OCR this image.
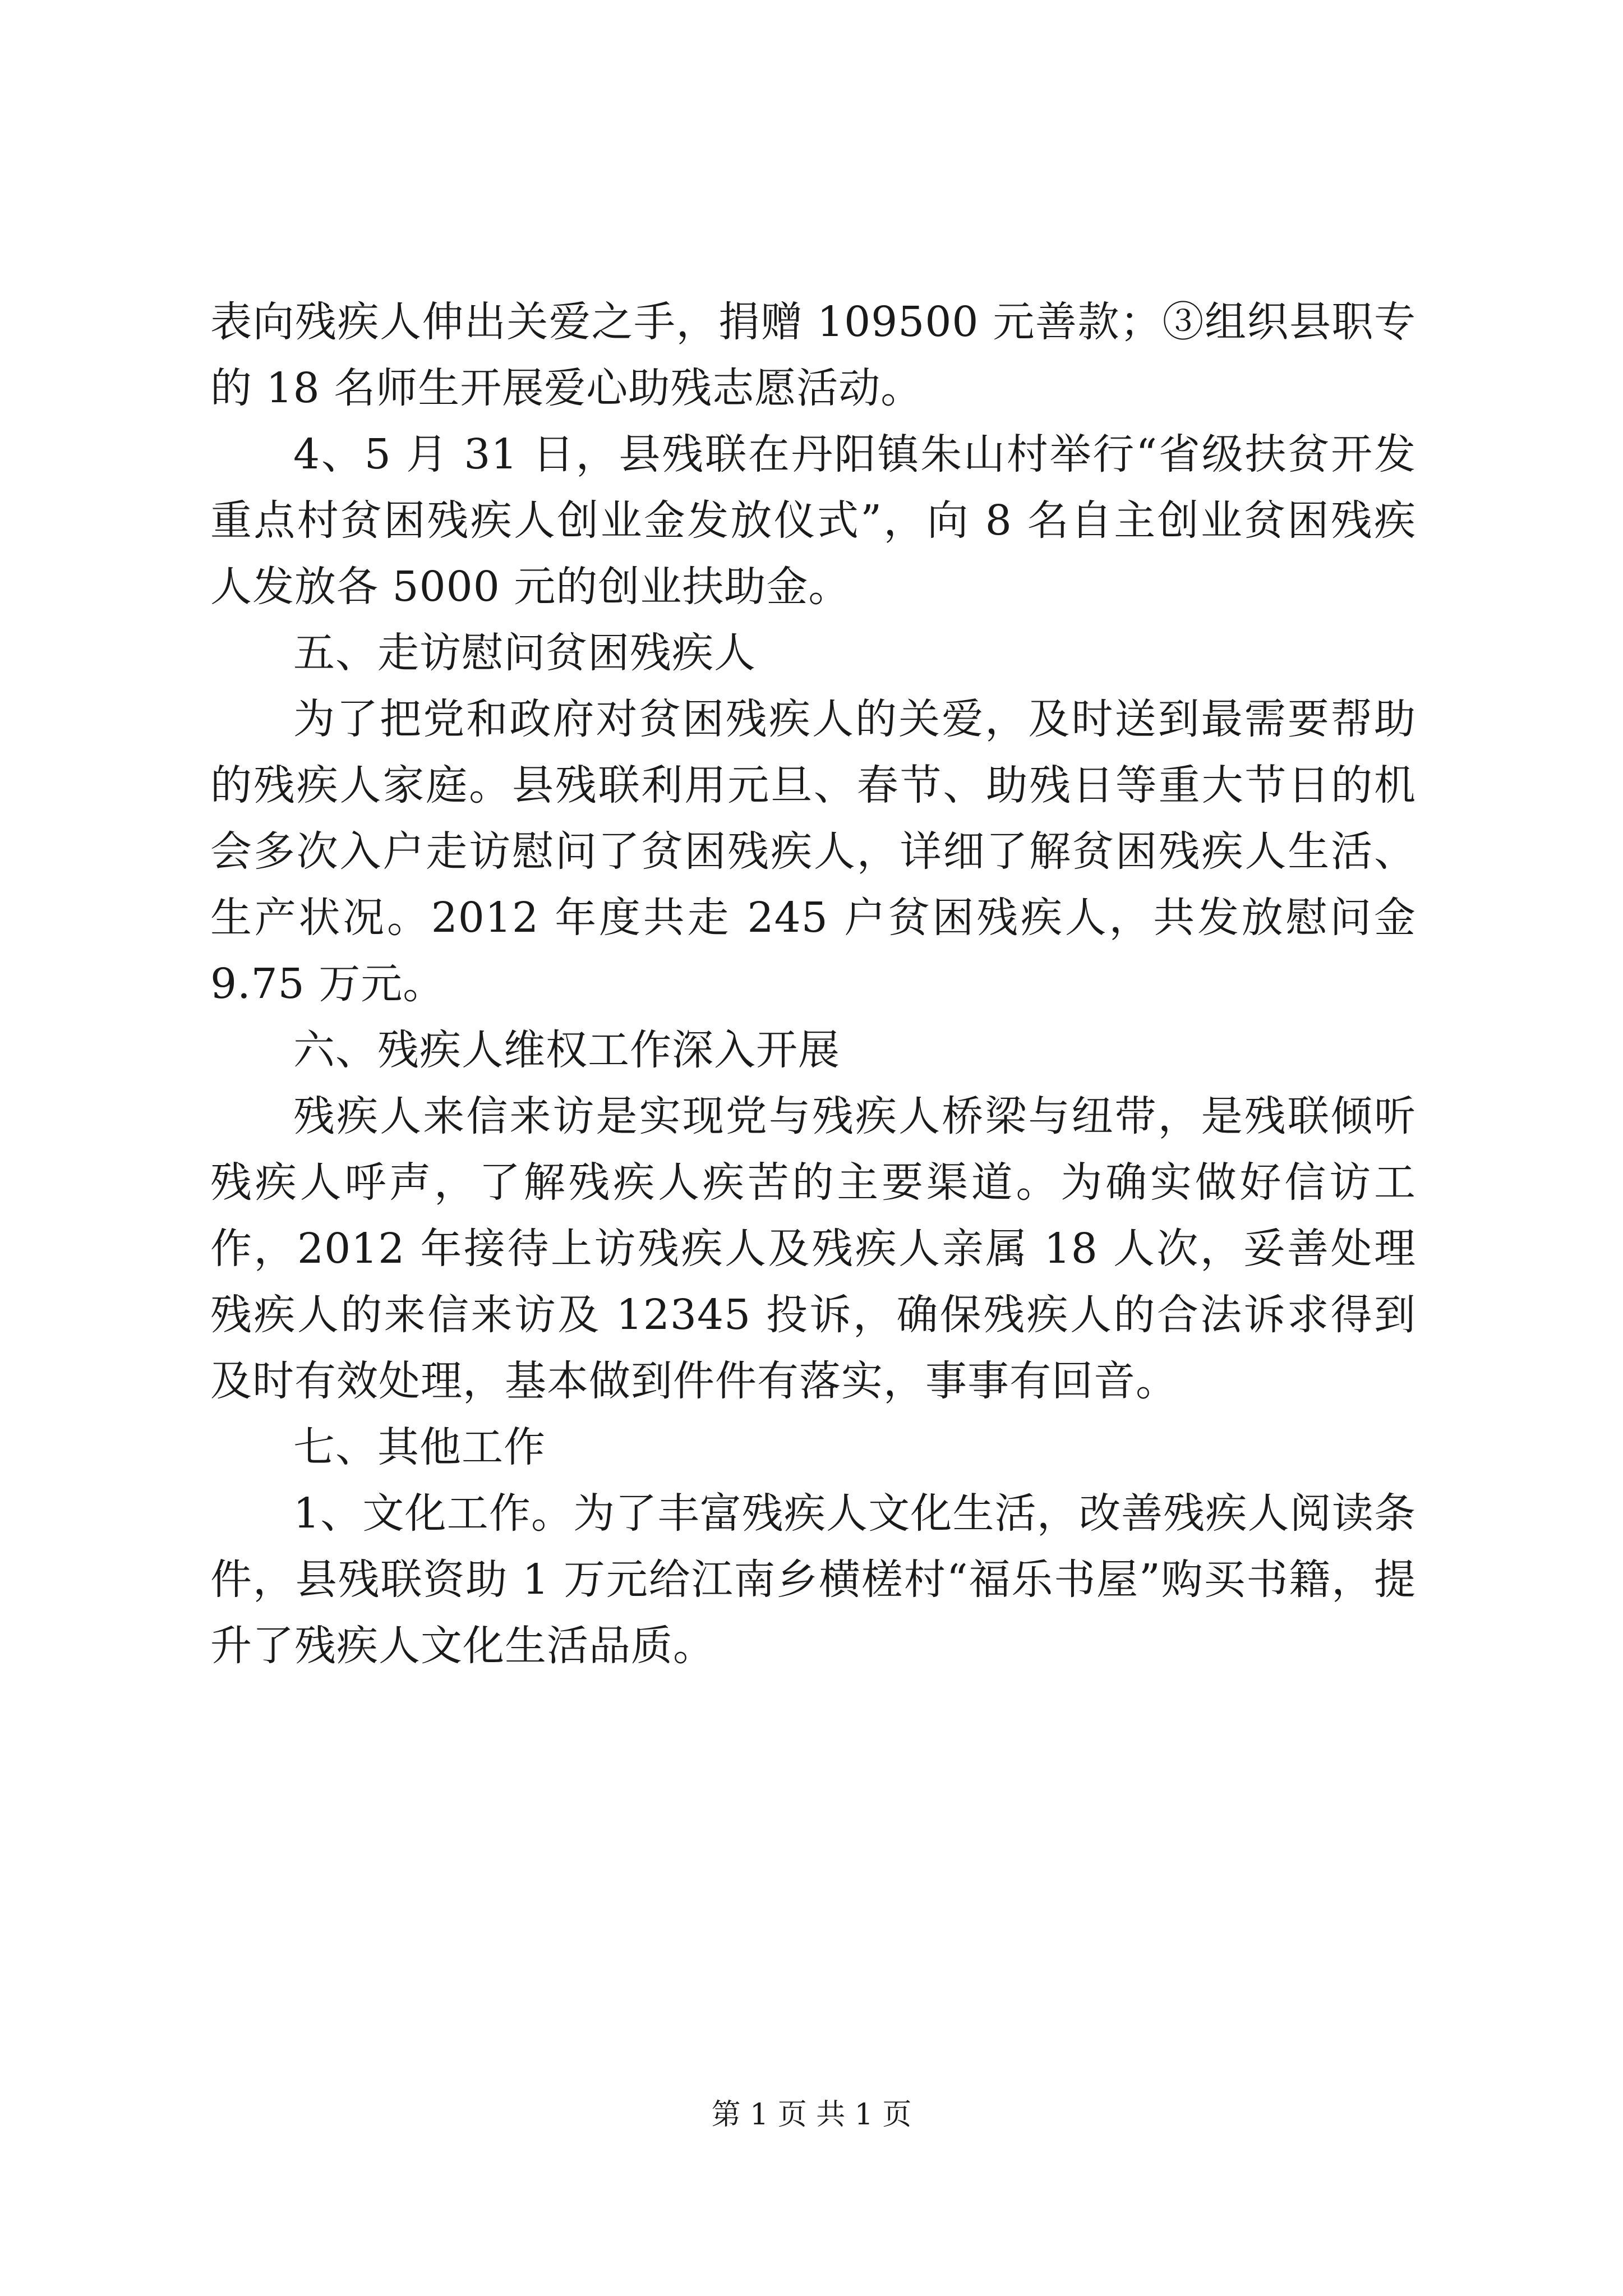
表向残疾人伸出关爱之手，捐赠 109500 元善款；③组织县职专的 18 名师生开展爱心助残志愿活动。

4、5 月 31 日，县残联在丹阳镇朱山村举行“省级扶贫开发重点村贫困残疾人创业金发放仪式”，向 8 名自主创业贫困残疾人发放各 5000 元的创业扶助金。

五、走访慰问贫困残疾人

为了把党和政府对贫困残疾人的关爱，及时送到最需要帮助的残疾人家庭。县残联利用元旦、春节、助残日等重大节日的机会多次入户走访慰问了贫困残疾人，详细了解贫困残疾人生活、生产状况。2012 年度共走 245 户贫困残疾人，共发放慰问金 9.75 万元。

六、残疾人维权工作深入开展

残疾人来信来访是实现党与残疾人桥梁与纽带，是残联倾听残疾人呼声，了解残疾人疾苦的主要渠道。为确实做好信访工作，2012 年接待上访残疾人及残疾人亲属 18 人次，妥善处理残疾人的来信来访及 12345 投诉，确保残疾人的合法诉求得到及时有效处理，基本做到件件有落实，事事有回音。

七、其他工作

1、文化工作。为了丰富残疾人文化生活，改善残疾人阅读条件，县残联资助 1 万元给江南乡横槎村“福乐书屋”购买书籍，提升了残疾人文化生活品质。

第 1 页 共 1 页
